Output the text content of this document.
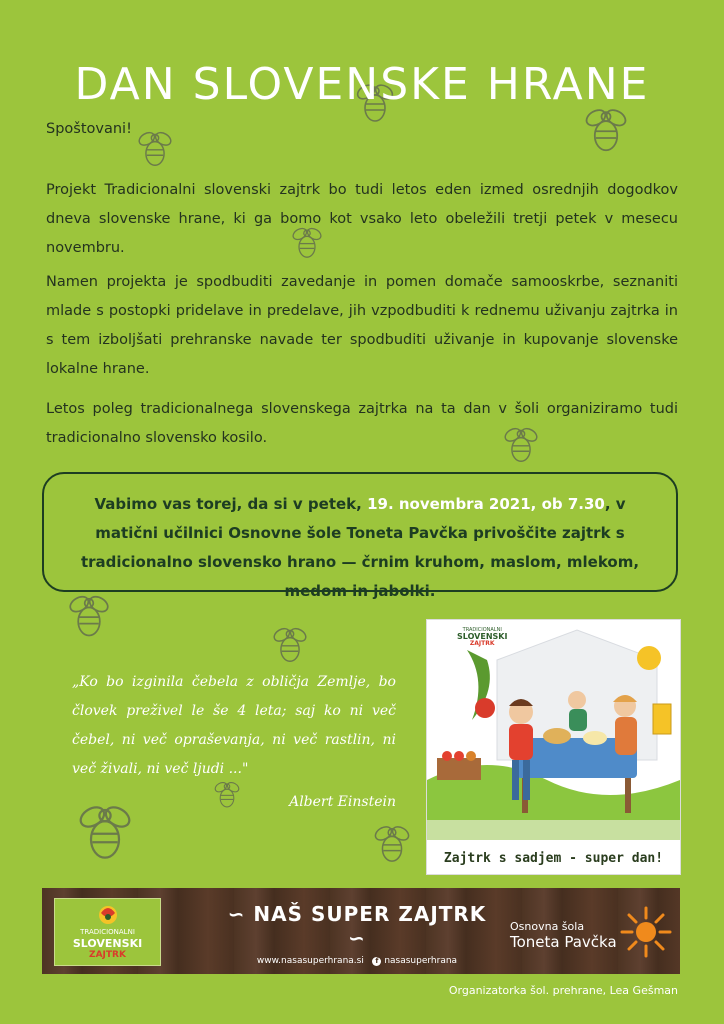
DAN SLOVENSKE HRANE
Spoštovani!
Projekt Tradicionalni slovenski zajtrk bo tudi letos eden izmed osrednjih dogodkov dneva slovenske hrane, ki ga bomo kot vsako leto obeležili tretji petek v mesecu novembru.
Namen projekta je spodbuditi zavedanje in pomen domače samooskrbe, seznaniti mlade s postopki pridelave in predelave, jih vzpodbuditi k rednemu uživanju zajtrka in s tem izboljšati prehranske navade ter spodbuditi uživanje in kupovanje slovenske lokalne hrane.
Letos poleg tradicionalnega slovenskega zajtrka na ta dan v šoli organiziramo tudi tradicionalno slovensko kosilo.
Vabimo vas torej, da si v petek, 19. novembra 2021, ob 7.30, v matični učilnici Osnovne šole Toneta Pavčka privoščite zajtrk s tradicionalno slovensko hrano — črnim kruhom, maslom, mlekom, medom in jabolki.
„Ko bo izginila čebela z obličja Zemlje, bo človek preživel le še 4 leta; saj ko ni več čebel, ni več opraševanja, ni več rastlin, ni več živali, ni več ljudi ..."
Albert Einstein
TRADICIONALNI
SLOVENSKI
ZAJTRK
Zajtrk s sadjem - super dan!
TRADICIONALNI
SLOVENSKI
ZAJTRK
∽ NAŠ SUPER ZAJTRK ∽
www.nasasuperhrana.si f nasasuperhrana
Osnovna šola
Toneta Pavčka
Organizatorka šol. prehrane, Lea Gešman
